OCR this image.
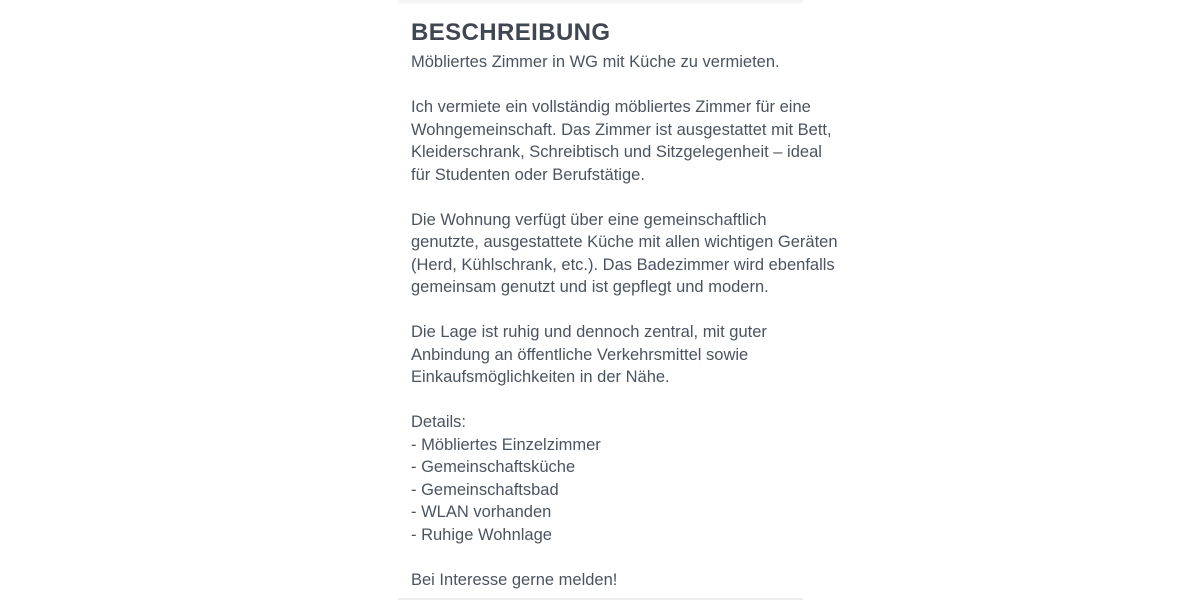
BESCHREIBUNG

Möbliertes Zimmer in WG mit Küche zu vermieten.

Ich vermiete ein vollständig möbliertes Zimmer für eine
Wohngemeinschaft. Das Zimmer ist ausgestattet mit Bett,
Kleiderschrank, Schreibtisch und Sitzgelegenheit – ideal
für Studenten oder Berufstätige.

Die Wohnung verfügt über eine gemeinschaftlich
genutzte, ausgestattete Küche mit allen wichtigen Geräten
(Herd, Kühlschrank, etc.). Das Badezimmer wird ebenfalls
gemeinsam genutzt und ist gepflegt und modern.

Die Lage ist ruhig und dennoch zentral, mit guter
Anbindung an öffentliche Verkehrsmittel sowie
Einkaufsmöglichkeiten in der Nähe.

Details:
- Möbliertes Einzelzimmer
- Gemeinschaftsküche
- Gemeinschaftsbad
- WLAN vorhanden
- Ruhige Wohnlage

Bei Interesse gerne melden!
